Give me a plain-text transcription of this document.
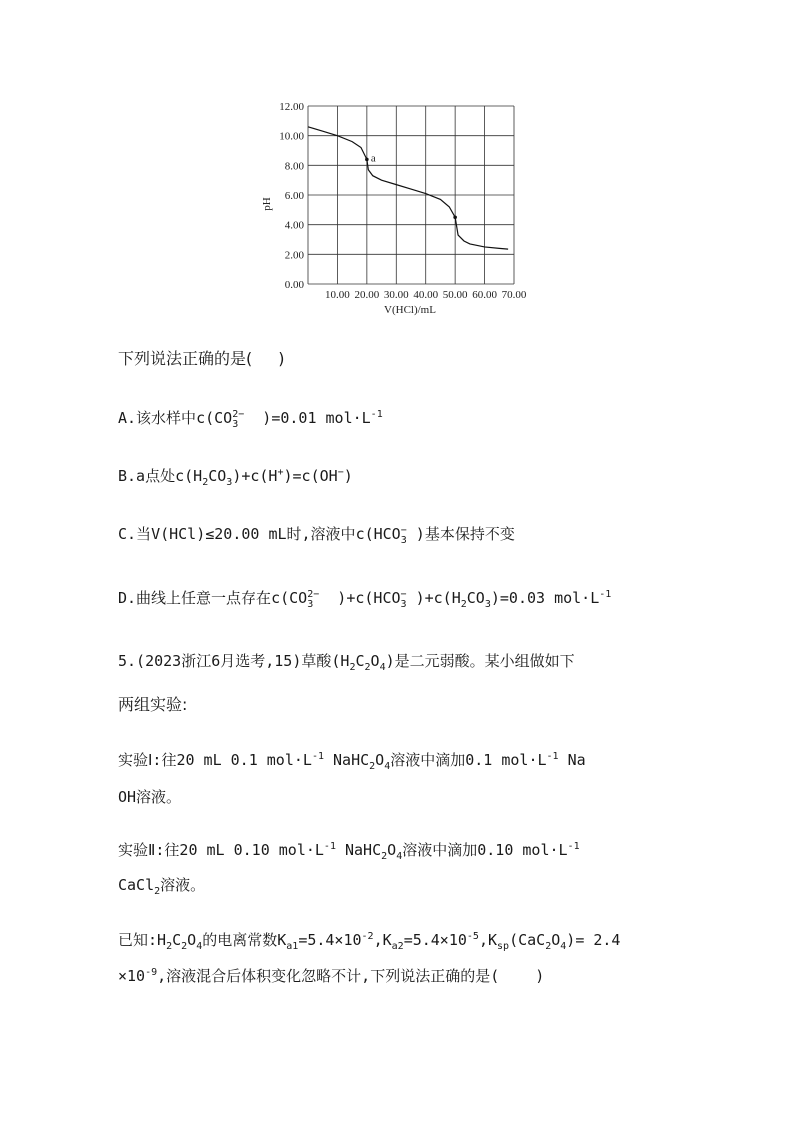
0.00
2.00
4.00
6.00
8.00
10.00
12.00
10.00 20.00 30.00 40.00 50.00 60.00 70.00
a
pH
V(HCl)/mL
下列说法正确的是( )
A.该水样中$c(CO^{2-}$
3 )=0.01 $mol\cdot L^{-1}$
B.a点处$c(H_2CO_3)+c(H^+)=c(OH^-)$
C.当V(HCl)≤20.00 mL时,溶液中c(HCO−
3 )基本保持不变
D.曲线上任意一点存在$c(CO^{2-}$
3 )+c(HCO−
3 )$+c(H_2CO_3)=0.03$ $mol\cdot L^{-1}$
5.(2023浙江6月选考,15)草酸$(H_2C_2O_4)$是二元弱酸。某小组做如下
两组实验:
实验Ⅰ:往20 mL 0.1 $mol\cdot L^{-1}$ $NaHC_2O_4$溶液中滴加0.1 $mol\cdot L^{-1}$ Na
OH溶液。
实验Ⅱ:往20 mL 0.10 $mol\cdot L^{-1}$ $NaHC_2O_4$溶液中滴加0.10 $mol\cdot L^{-1}$
CaCl$_2$溶液。
已知$:H_2C_2O_4$的电离常数$K_{a1}=5.4\times 10^{-2},K_{a2}=5.4\times 10^{-5},K_{sp}(CaC_2O_4)= 2.4$
$\times 10^{-9}$,溶液混合后体积变化忽略不计,下列说法正确的是( )
